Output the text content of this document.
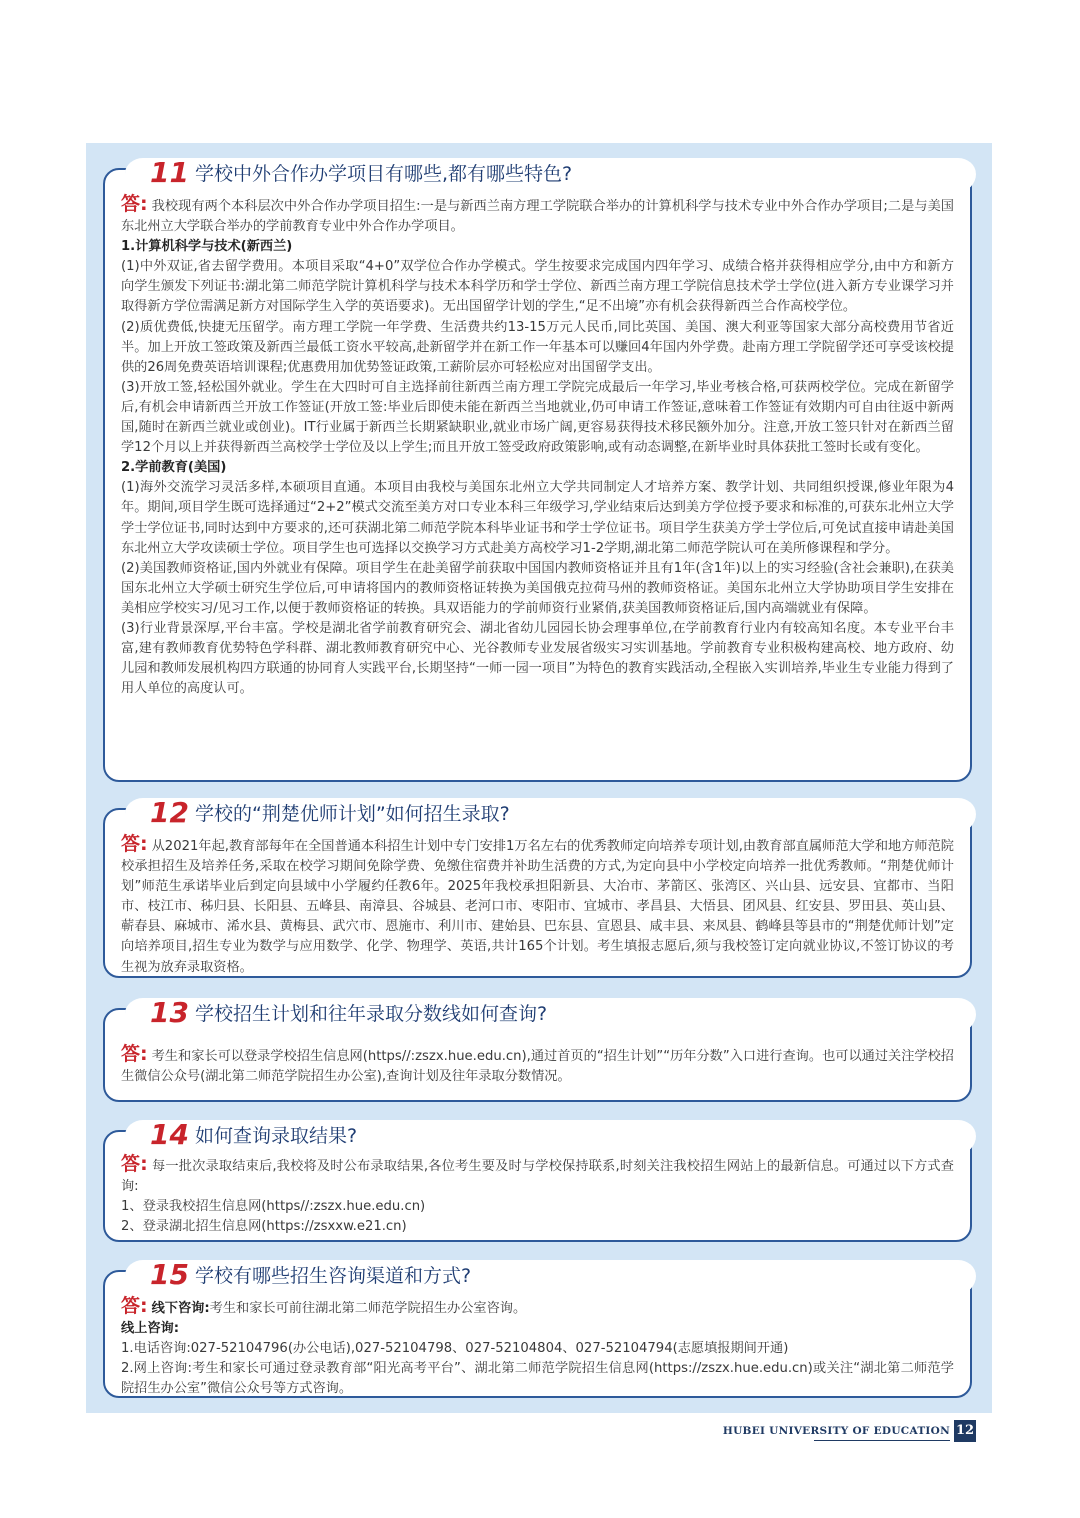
11 学校中外合作办学项目有哪些,都有哪些特色?

答: 我校现有两个本科层次中外合作办学项目招生:一是与新西兰南方理工学院联合举办的计算机科学与技术专业中外合作办学项目;二是与美国东北州立大学联合举办的学前教育专业中外合作办学项目。

1.计算机科学与技术(新西兰)

(1)中外双证,省去留学费用。本项目采取“4+0”双学位合作办学模式。学生按要求完成国内四年学习、成绩合格并获得相应学分,由中方和新方向学生颁发下列证书:湖北第二师范学院计算机科学与技术本科学历和学士学位、新西兰南方理工学院信息技术学士学位(进入新方专业课学习并取得新方学位需满足新方对国际学生入学的英语要求)。无出国留学计划的学生,“足不出境”亦有机会获得新西兰合作高校学位。

(2)质优费低,快捷无压留学。南方理工学院一年学费、生活费共约13-15万元人民币,同比英国、美国、澳大利亚等国家大部分高校费用节省近半。加上开放工签政策及新西兰最低工资水平较高,赴新留学并在新工作一年基本可以赚回4年国内外学费。赴南方理工学院留学还可享受该校提供的26周免费英语培训课程;优惠费用加优势签证政策,工薪阶层亦可轻松应对出国留学支出。

(3)开放工签,轻松国外就业。学生在大四时可自主选择前往新西兰南方理工学院完成最后一年学习,毕业考核合格,可获两校学位。完成在新留学后,有机会申请新西兰开放工作签证(开放工签:毕业后即使未能在新西兰当地就业,仍可申请工作签证,意味着工作签证有效期内可自由往返中新两国,随时在新西兰就业或创业)。IT行业属于新西兰长期紧缺职业,就业市场广阔,更容易获得技术移民额外加分。注意,开放工签只针对在新西兰留学12个月以上并获得新西兰高校学士学位及以上学生;而且开放工签受政府政策影响,或有动态调整,在新毕业时具体获批工签时长或有变化。

2.学前教育(美国)

(1)海外交流学习灵活多样,本硕项目直通。本项目由我校与美国东北州立大学共同制定人才培养方案、教学计划、共同组织授课,修业年限为4年。期间,项目学生既可选择通过“2+2”模式交流至美方对口专业本科三年级学习,学业结束后达到美方学位授予要求和标准的,可获东北州立大学学士学位证书,同时达到中方要求的,还可获湖北第二师范学院本科毕业证书和学士学位证书。项目学生获美方学士学位后,可免试直接申请赴美国东北州立大学攻读硕士学位。项目学生也可选择以交换学习方式赴美方高校学习1-2学期,湖北第二师范学院认可在美所修课程和学分。

(2)美国教师资格证,国内外就业有保障。项目学生在赴美留学前获取中国国内教师资格证并且有1年(含1年)以上的实习经验(含社会兼职),在获美国东北州立大学硕士研究生学位后,可申请将国内的教师资格证转换为美国俄克拉荷马州的教师资格证。美国东北州立大学协助项目学生安排在美相应学校实习/见习工作,以便于教师资格证的转换。具双语能力的学前师资行业紧俏,获美国教师资格证后,国内高端就业有保障。

(3)行业背景深厚,平台丰富。学校是湖北省学前教育研究会、湖北省幼儿园园长协会理事单位,在学前教育行业内有较高知名度。本专业平台丰富,建有教师教育优势特色学科群、湖北教师教育研究中心、光谷教师专业发展省级实习实训基地。学前教育专业积极构建高校、地方政府、幼儿园和教师发展机构四方联通的协同育人实践平台,长期坚持“一师一园一项目”为特色的教育实践活动,全程嵌入实训培养,毕业生专业能力得到了用人单位的高度认可。

12 学校的“荆楚优师计划”如何招生录取?

答: 从2021年起,教育部每年在全国普通本科招生计划中专门安排1万名左右的优秀教师定向培养专项计划,由教育部直属师范大学和地方师范院校承担招生及培养任务,采取在校学习期间免除学费、免缴住宿费并补助生活费的方式,为定向县中小学校定向培养一批优秀教师。“荆楚优师计划”师范生承诺毕业后到定向县域中小学履约任教6年。2025年我校承担阳新县、大冶市、茅箭区、张湾区、兴山县、远安县、宜都市、当阳市、枝江市、秭归县、长阳县、五峰县、南漳县、谷城县、老河口市、枣阳市、宜城市、孝昌县、大悟县、团风县、红安县、罗田县、英山县、蕲春县、麻城市、浠水县、黄梅县、武穴市、恩施市、利川市、建始县、巴东县、宣恩县、咸丰县、来凤县、鹤峰县等县市的“荆楚优师计划”定向培养项目,招生专业为数学与应用数学、化学、物理学、英语,共计165个计划。考生填报志愿后,须与我校签订定向就业协议,不签订协议的考生视为放弃录取资格。

13 学校招生计划和往年录取分数线如何查询?

答: 考生和家长可以登录学校招生信息网(https//:zszx.hue.edu.cn),通过首页的“招生计划”“历年分数”入口进行查询。也可以通过关注学校招生微信公众号(湖北第二师范学院招生办公室),查询计划及往年录取分数情况。

14 如何查询录取结果?

答: 每一批次录取结束后,我校将及时公布录取结果,各位考生要及时与学校保持联系,时刻关注我校招生网站上的最新信息。可通过以下方式查询:

1、登录我校招生信息网(https//:zszx.hue.edu.cn)

2、登录湖北招生信息网(https://zsxxw.e21.cn)

15 学校有哪些招生咨询渠道和方式?

答: 线下咨询:考生和家长可前往湖北第二师范学院招生办公室咨询。

线上咨询:

1.电话咨询:027-52104796(办公电话),027-52104798、027-52104804、027-52104794(志愿填报期间开通)

2.网上咨询:考生和家长可通过登录教育部“阳光高考平台”、湖北第二师范学院招生信息网(https://zszx.hue.edu.cn)或关注“湖北第二师范学院招生办公室”微信公众号等方式咨询。

HUBEI UNIVERSITY OF EDUCATION 12
